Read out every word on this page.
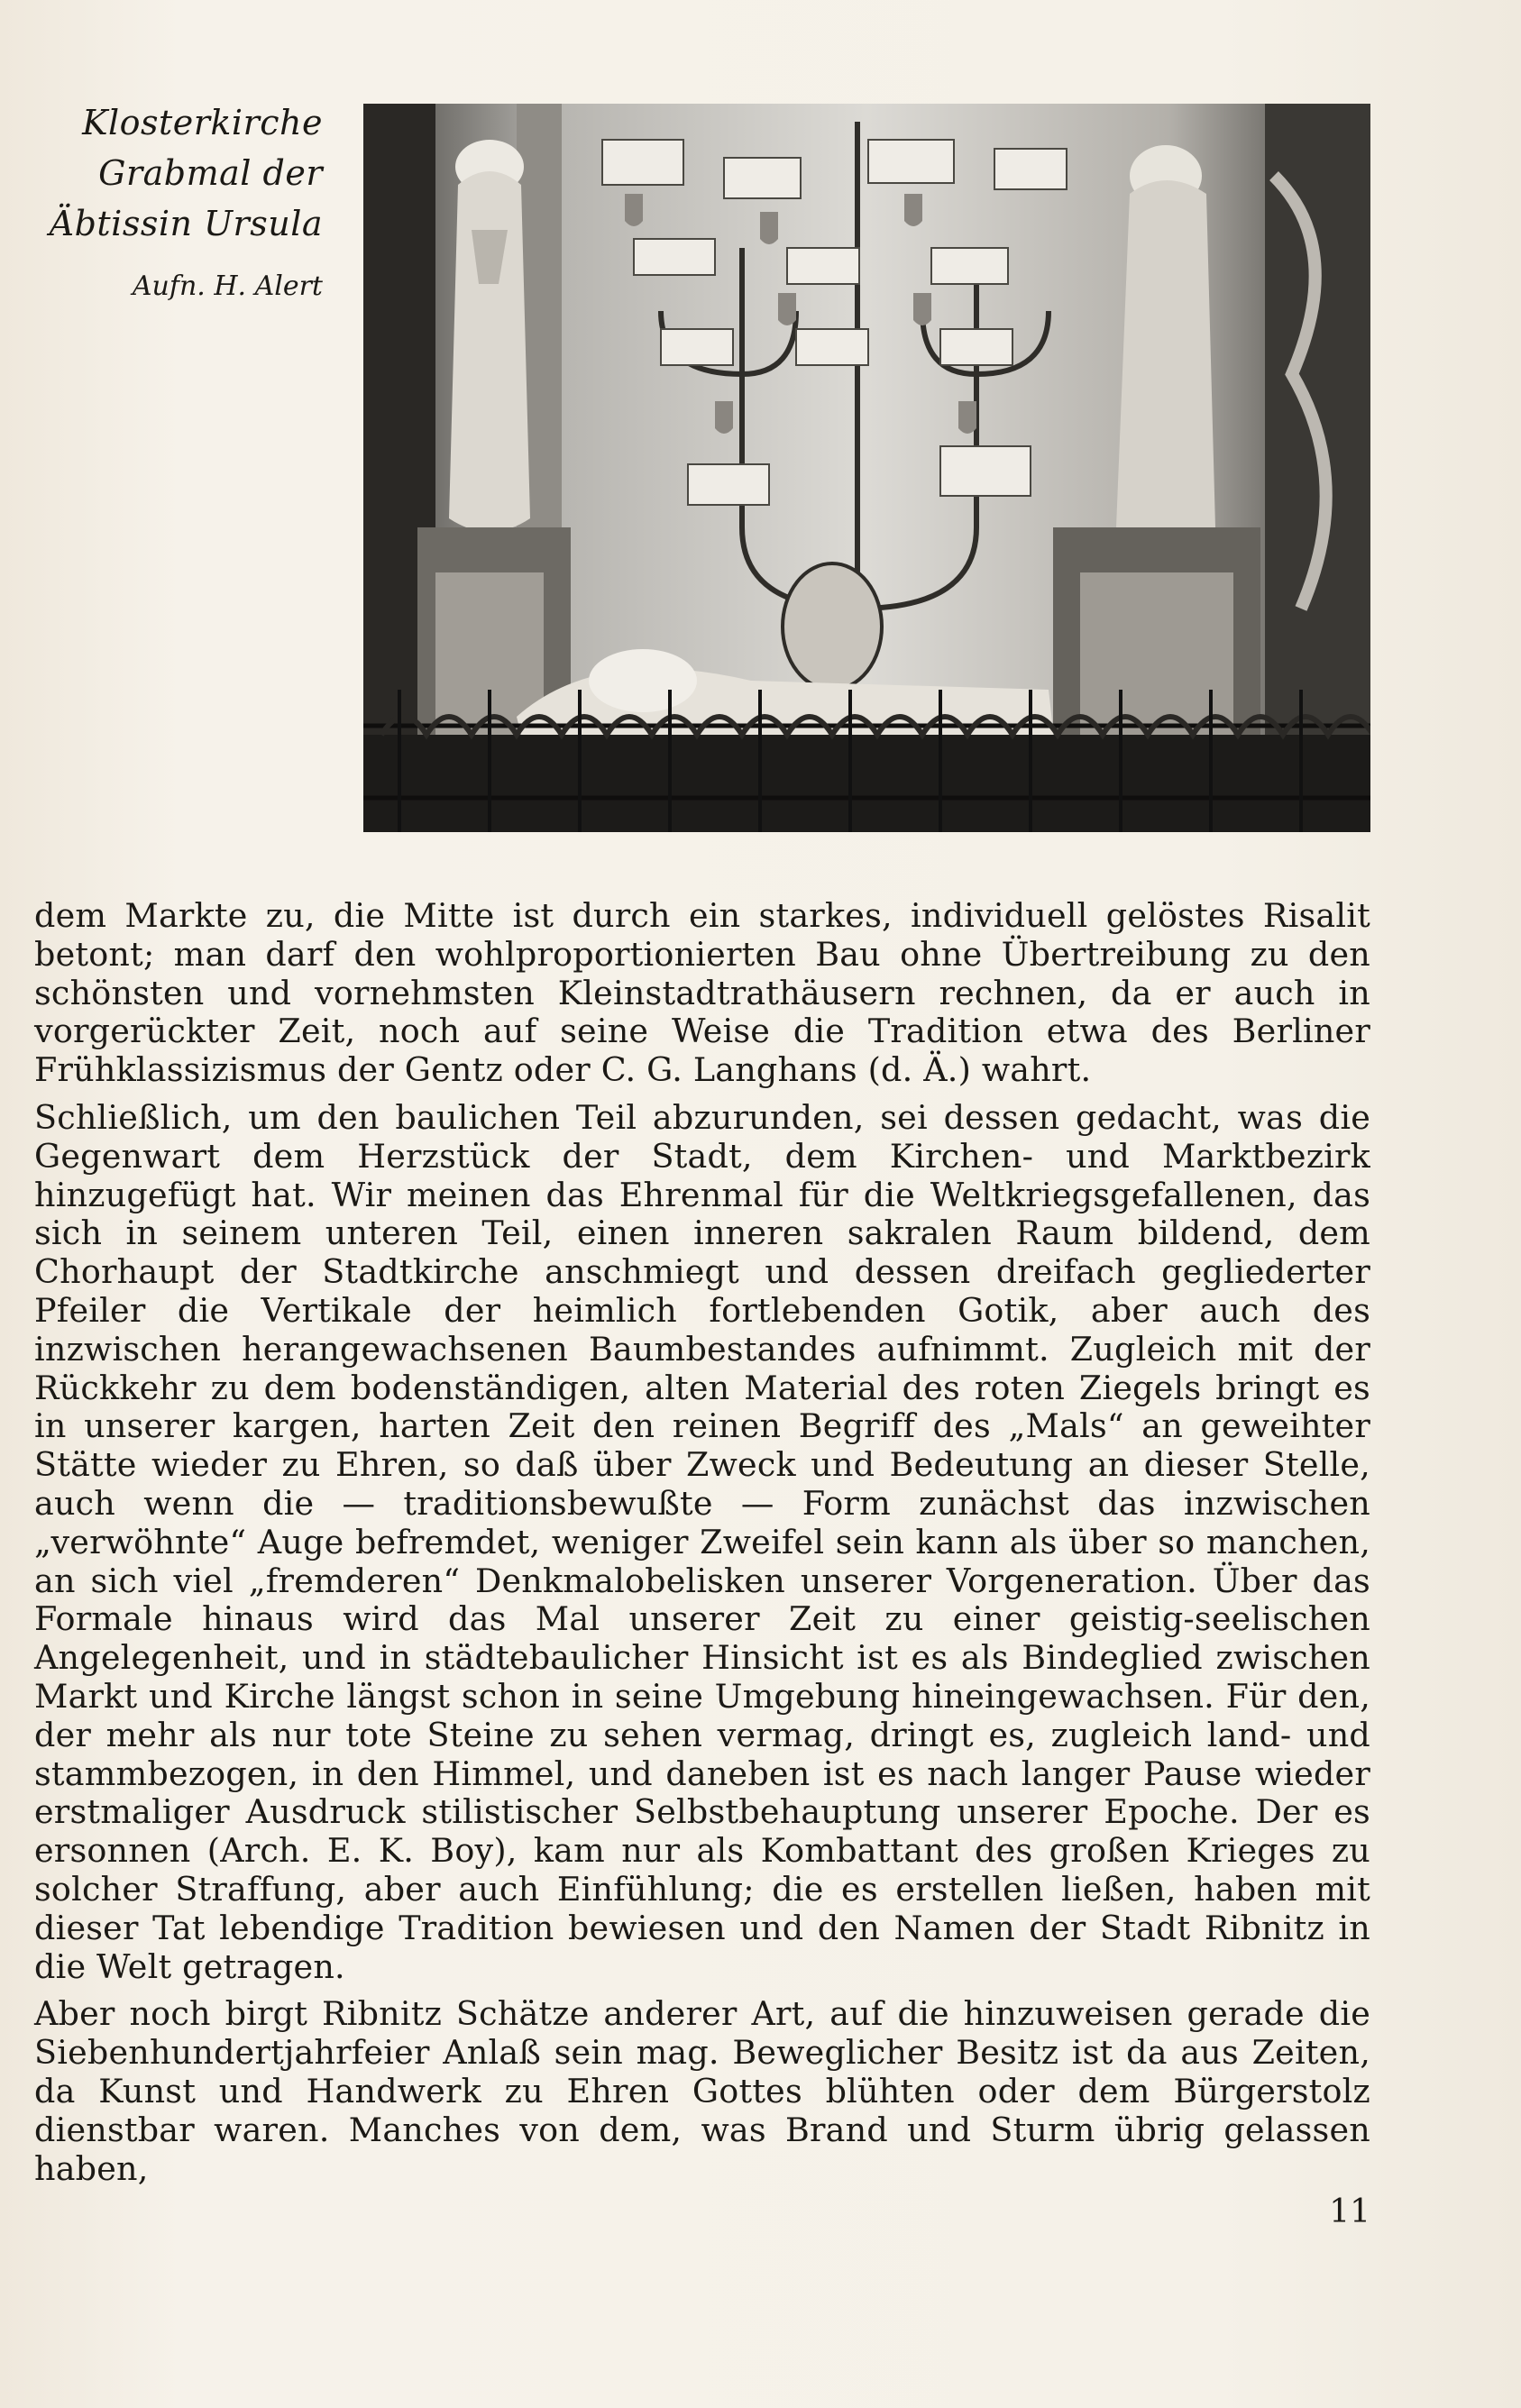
Klosterkirche
Grabmal der
Äbtissin Ursula
Aufn. H. Alert

dem Markte zu, die Mitte ist durch ein starkes, individuell gelöstes Risalit betont; man darf den wohlproportionierten Bau ohne Übertreibung zu den schönsten und vornehmsten Kleinstadtrathäusern rechnen, da er auch in vorgerückter Zeit, noch auf seine Weise die Tradition etwa des Berliner Frühklassizismus der Gentz oder C. G. Langhans (d. Ä.) wahrt.

Schließlich, um den baulichen Teil abzurunden, sei dessen gedacht, was die Gegenwart dem Herzstück der Stadt, dem Kirchen- und Marktbezirk hinzugefügt hat. Wir meinen das Ehrenmal für die Weltkriegsgefallenen, das sich in seinem unteren Teil, einen inneren sakralen Raum bildend, dem Chorhaupt der Stadtkirche anschmiegt und dessen dreifach gegliederter Pfeiler die Vertikale der heimlich fortlebenden Gotik, aber auch des inzwischen herangewachsenen Baumbestandes aufnimmt. Zugleich mit der Rückkehr zu dem bodenständigen, alten Material des roten Ziegels bringt es in unserer kargen, harten Zeit den reinen Begriff des „Mals“ an geweihter Stätte wieder zu Ehren, so daß über Zweck und Bedeutung an dieser Stelle, auch wenn die — traditionsbewußte — Form zunächst das inzwischen „verwöhnte“ Auge befremdet, weniger Zweifel sein kann als über so manchen, an sich viel „fremderen“ Denkmalobelisken unserer Vorgeneration. Über das Formale hinaus wird das Mal unserer Zeit zu einer geistig-seelischen Angelegenheit, und in städtebaulicher Hinsicht ist es als Bindeglied zwischen Markt und Kirche längst schon in seine Umgebung hineingewachsen. Für den, der mehr als nur tote Steine zu sehen vermag, dringt es, zugleich land- und stammbezogen, in den Himmel, und daneben ist es nach langer Pause wieder erstmaliger Ausdruck stilistischer Selbstbehauptung unserer Epoche. Der es ersonnen (Arch. E. K. Boy), kam nur als Kombattant des großen Krieges zu solcher Straffung, aber auch Einfühlung; die es erstellen ließen, haben mit dieser Tat lebendige Tradition bewiesen und den Namen der Stadt Ribnitz in die Welt getragen.

Aber noch birgt Ribnitz Schätze anderer Art, auf die hinzuweisen gerade die Siebenhundertjahrfeier Anlaß sein mag. Beweglicher Besitz ist da aus Zeiten, da Kunst und Handwerk zu Ehren Gottes blühten oder dem Bürgerstolz dienstbar waren. Manches von dem, was Brand und Sturm übrig gelassen haben,

11
